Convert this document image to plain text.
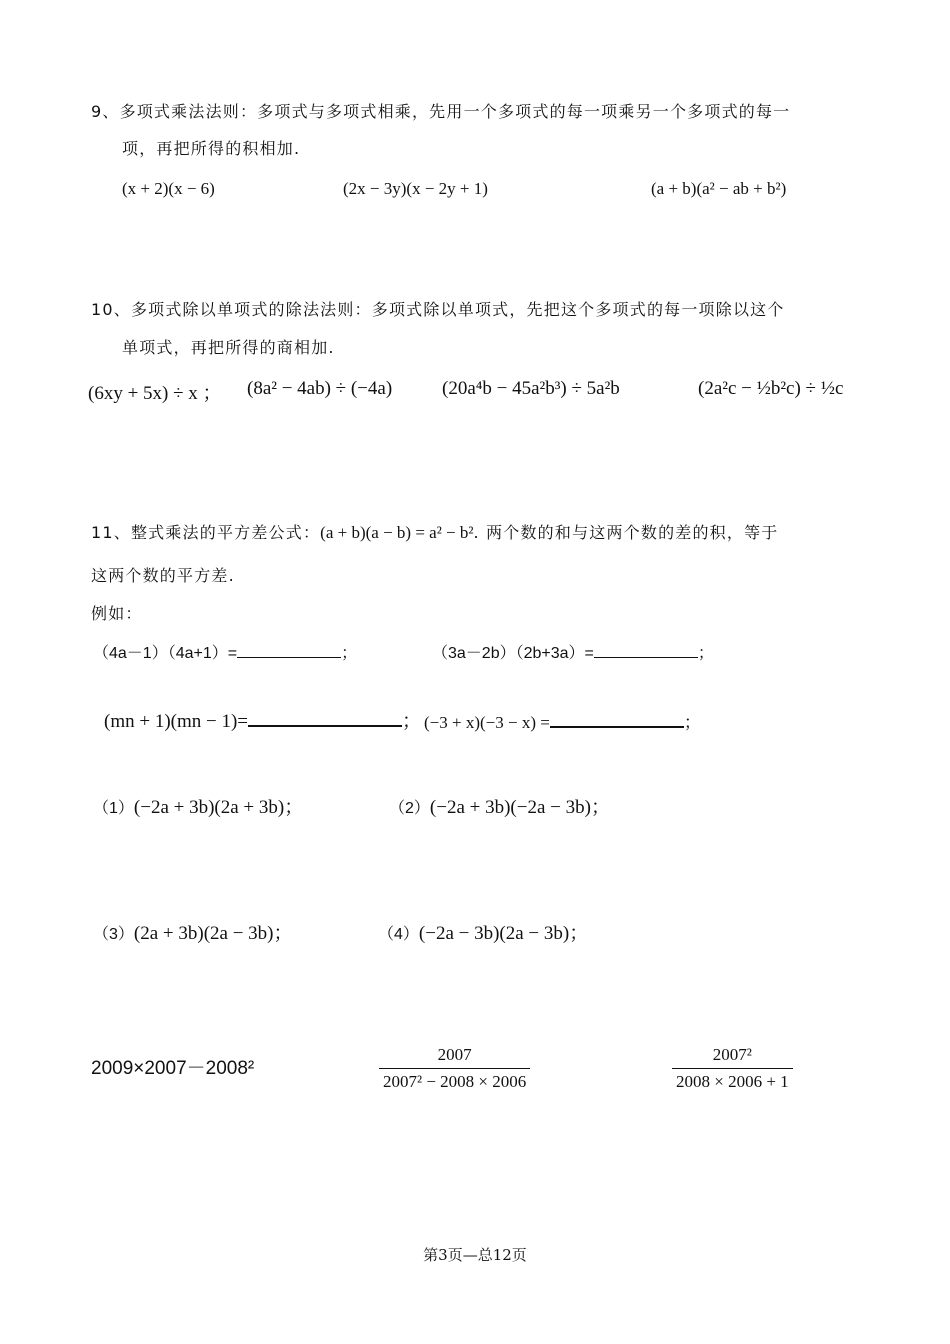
9、多项式乘法法则：多项式与多项式相乘，先用一个多项式的每一项乘另一个多项式的每一
项，再把所得的积相加.
(x + 2)(x − 6)	(2x − 3y)(x − 2y + 1)	(a + b)(a² − ab + b²)
10、多项式除以单项式的除法法则：多项式除以单项式，先把这个多项式的每一项除以这个
单项式，再把所得的商相加.
(6xy + 5x) ÷ x ； (8a² − 4ab) ÷ (−4a)	(20a⁴b − 45a²b³) ÷ 5a²b	(2a²c − ½b²c) ÷ ½c
11、整式乘法的平方差公式：(a + b)(a − b) = a² − b². 两个数的和与这两个数的差的积，等于
这两个数的平方差.
例如：
（4a－1）（4a+1）=	；	（3a－2b）（2b+3a）=	；
(mn + 1)(mn − 1)=	； (−3 + x)(−3 − x) =	；
（1）(−2a + 3b)(2a + 3b)；	（2）(−2a + 3b)(−2a − 3b)；
（3）(2a + 3b)(2a − 3b)；	（4）(−2a − 3b)(2a − 3b)；
2009×2007－2008²	$\frac{2007}{\text{2007² − 2008 × 2006}}$	$\frac{\text{2007²}}{2008 \times 2006 + 1}$
第3页—总12页
